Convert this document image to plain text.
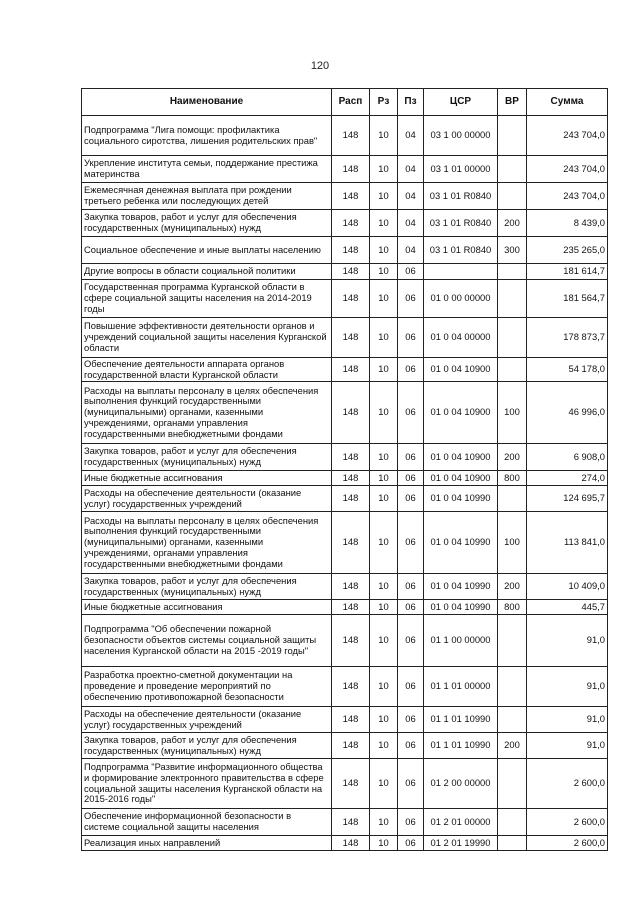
120
Наименование	Расп	Рз	Пз	ЦСР	ВР	Сумма
Подпрограмма "Лига помощи: профилактика социального сиротства, лишения родительских прав"	148	10	04	03 1 00 00000		243 704,0
Укрепление института семьи, поддержание престижа материнства	148	10	04	03 1 01 00000		243 704,0
Ежемесячная денежная выплата при рождении третьего ребенка или последующих детей	148	10	04	03 1 01 R0840		243 704,0
Закупка товаров, работ и услуг для обеспечения государственных (муниципальных) нужд	148	10	04	03 1 01 R0840	200	8 439,0
Социальное обеспечение и иные выплаты населению	148	10	04	03 1 01 R0840	300	235 265,0
Другие вопросы в области социальной политики	148	10	06			181 614,7
Государственная программа Курганской области в сфере социальной защиты населения на 2014-2019 годы	148	10	06	01 0 00 00000		181 564,7
Повышение эффективности деятельности органов и учреждений социальной защиты населения Курганской области	148	10	06	01 0 04 00000		178 873,7
Обеспечение деятельности аппарата органов государственной власти Курганской области	148	10	06	01 0 04 10900		54 178,0
Расходы на выплаты персоналу в целях обеспечения выполнения функций государственными (муниципальными) органами, казенными учреждениями, органами управления государственными внебюджетными фондами	148	10	06	01 0 04 10900	100	46 996,0
Закупка товаров, работ и услуг для обеспечения государственных (муниципальных) нужд	148	10	06	01 0 04 10900	200	6 908,0
Иные бюджетные ассигнования	148	10	06	01 0 04 10900	800	274,0
Расходы на обеспечение деятельности (оказание услуг) государственных учреждений	148	10	06	01 0 04 10990		124 695,7
Расходы на выплаты персоналу в целях обеспечения выполнения функций государственными (муниципальными) органами, казенными учреждениями, органами управления государственными внебюджетными фондами	148	10	06	01 0 04 10990	100	113 841,0
Закупка товаров, работ и услуг для обеспечения государственных (муниципальных) нужд	148	10	06	01 0 04 10990	200	10 409,0
Иные бюджетные ассигнования	148	10	06	01 0 04 10990	800	445,7
Подпрограмма "Об обеспечении пожарной безопасности объектов системы социальной защиты населения Курганской области на 2015 -2019 годы"	148	10	06	01 1 00 00000		91,0
Разработка проектно-сметной документации на проведение и проведение мероприятий по обеспечению противопожарной безопасности	148	10	06	01 1 01 00000		91,0
Расходы на обеспечение деятельности (оказание услуг) государственных учреждений	148	10	06	01 1 01 10990		91,0
Закупка товаров, работ и услуг для обеспечения государственных (муниципальных) нужд	148	10	06	01 1 01 10990	200	91,0
Подпрограмма "Развитие информационного общества и формирование электронного правительства в сфере социальной защиты населения Курганской области на 2015-2016 годы"	148	10	06	01 2 00 00000		2 600,0
Обеспечение информационной безопасности в системе социальной защиты населения	148	10	06	01 2 01 00000		2 600,0
Реализация иных направлений	148	10	06	01 2 01 19990		2 600,0
